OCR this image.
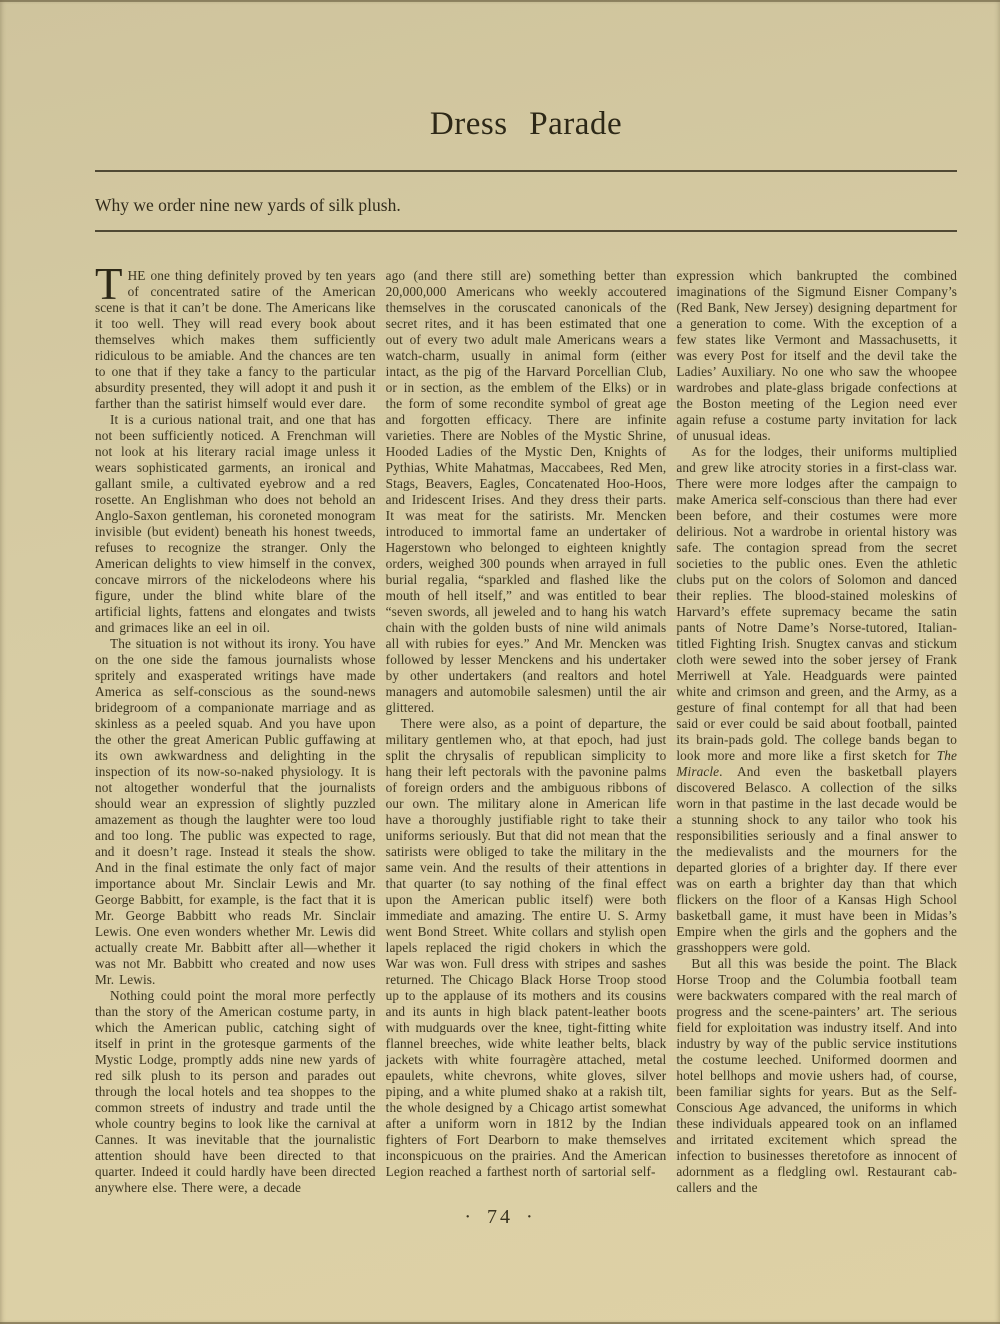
Dress Parade

Why we order nine new yards of silk plush.

THE one thing definitely proved by ten years of concentrated satire of the American scene is that it can’t be done. The Americans like it too well. They will read every book about themselves which makes them sufficiently ridiculous to be amiable. And the chances are ten to one that if they take a fancy to the particular absurdity presented, they will adopt it and push it farther than the satirist himself would ever dare.

It is a curious national trait, and one that has not been sufficiently noticed. A Frenchman will not look at his literary racial image unless it wears sophisticated garments, an ironical and gallant smile, a cultivated eyebrow and a red rosette. An Englishman who does not behold an Anglo-Saxon gentleman, his coroneted monogram invisible (but evident) beneath his honest tweeds, refuses to recognize the stranger. Only the American delights to view himself in the convex, concave mirrors of the nickelodeons where his figure, under the blind white blare of the artificial lights, fattens and elongates and twists and grimaces like an eel in oil.

The situation is not without its irony. You have on the one side the famous journalists whose spritely and exasperated writings have made America as self-conscious as the sound-news bridegroom of a companionate marriage and as skinless as a peeled squab. And you have upon the other the great American Public guffawing at its own awkwardness and delighting in the inspection of its now-so-naked physiology. It is not altogether wonderful that the journalists should wear an expression of slightly puzzled amazement as though the laughter were too loud and too long. The public was expected to rage, and it doesn’t rage. Instead it steals the show. And in the final estimate the only fact of major importance about Mr. Sinclair Lewis and Mr. George Babbitt, for example, is the fact that it is Mr. George Babbitt who reads Mr. Sinclair Lewis. One even wonders whether Mr. Lewis did actually create Mr. Babbitt after all—whether it was not Mr. Babbitt who created and now uses Mr. Lewis.

Nothing could point the moral more perfectly than the story of the American costume party, in which the American public, catching sight of itself in print in the grotesque garments of the Mystic Lodge, promptly adds nine new yards of red silk plush to its person and parades out through the local hotels and tea shoppes to the common streets of industry and trade until the whole country begins to look like the carnival at Cannes. It was inevitable that the journalistic attention should have been directed to that quarter. Indeed it could hardly have been directed anywhere else. There were, a decade

ago (and there still are) something better than 20,000,000 Americans who weekly accoutered themselves in the coruscated canonicals of the secret rites, and it has been estimated that one out of every two adult male Americans wears a watch-charm, usually in animal form (either intact, as the pig of the Harvard Porcellian Club, or in section, as the emblem of the Elks) or in the form of some recondite symbol of great age and forgotten efficacy. There are infinite varieties. There are Nobles of the Mystic Shrine, Hooded Ladies of the Mystic Den, Knights of Pythias, White Mahatmas, Maccabees, Red Men, Stags, Beavers, Eagles, Concatenated Hoo-Hoos, and Iridescent Irises. And they dress their parts. It was meat for the satirists. Mr. Mencken introduced to immortal fame an undertaker of Hagerstown who belonged to eighteen knightly orders, weighed 300 pounds when arrayed in full burial regalia, “sparkled and flashed like the mouth of hell itself,” and was entitled to bear “seven swords, all jeweled and to hang his watch chain with the golden busts of nine wild animals all with rubies for eyes.” And Mr. Mencken was followed by lesser Menckens and his undertaker by other undertakers (and realtors and hotel managers and automobile salesmen) until the air glittered.

There were also, as a point of departure, the military gentlemen who, at that epoch, had just split the chrysalis of republican simplicity to hang their left pectorals with the pavonine palms of foreign orders and the ambiguous ribbons of our own. The military alone in American life have a thoroughly justifiable right to take their uniforms seriously. But that did not mean that the satirists were obliged to take the military in the same vein. And the results of their attentions in that quarter (to say nothing of the final effect upon the American public itself) were both immediate and amazing. The entire U. S. Army went Bond Street. White collars and stylish open lapels replaced the rigid chokers in which the War was won. Full dress with stripes and sashes returned. The Chicago Black Horse Troop stood up to the applause of its mothers and its cousins and its aunts in high black patent-leather boots with mudguards over the knee, tight-fitting white flannel breeches, wide white leather belts, black jackets with white fourragère attached, metal epaulets, white chevrons, white gloves, silver piping, and a white plumed shako at a rakish tilt, the whole designed by a Chicago artist somewhat after a uniform worn in 1812 by the Indian fighters of Fort Dearborn to make themselves inconspicuous on the prairies. And the American Legion reached a farthest north of sartorial self-

expression which bankrupted the combined imaginations of the Sigmund Eisner Company’s (Red Bank, New Jersey) designing department for a generation to come. With the exception of a few states like Vermont and Massachusetts, it was every Post for itself and the devil take the Ladies’ Auxiliary. No one who saw the whoopee wardrobes and plate-glass brigade confections at the Boston meeting of the Legion need ever again refuse a costume party invitation for lack of unusual ideas.

As for the lodges, their uniforms multiplied and grew like atrocity stories in a first-class war. There were more lodges after the campaign to make America self-conscious than there had ever been before, and their costumes were more delirious. Not a wardrobe in oriental history was safe. The contagion spread from the secret societies to the public ones. Even the athletic clubs put on the colors of Solomon and danced their replies. The blood-stained moleskins of Harvard’s effete supremacy became the satin pants of Notre Dame’s Norse-tutored, Italian-titled Fighting Irish. Snugtex canvas and stickum cloth were sewed into the sober jersey of Frank Merriwell at Yale. Headguards were painted white and crimson and green, and the Army, as a gesture of final contempt for all that had been said or ever could be said about football, painted its brain-pads gold. The college bands began to look more and more like a first sketch for The Miracle. And even the basketball players discovered Belasco. A collection of the silks worn in that pastime in the last decade would be a stunning shock to any tailor who took his responsibilities seriously and a final answer to the medievalists and the mourners for the departed glories of a brighter day. If there ever was on earth a brighter day than that which flickers on the floor of a Kansas High School basketball game, it must have been in Midas’s Empire when the girls and the gophers and the grasshoppers were gold.

But all this was beside the point. The Black Horse Troop and the Columbia football team were backwaters compared with the real march of progress and the scene-painters’ art. The serious field for exploitation was industry itself. And into industry by way of the public service institutions the costume leeched. Uniformed doormen and hotel bellhops and movie ushers had, of course, been familiar sights for years. But as the Self-Conscious Age advanced, the uniforms in which these individuals appeared took on an inflamed and irritated excitement which spread the infection to businesses theretofore as innocent of adornment as a fledgling owl. Restaurant cab-callers and the

· 74 ·
